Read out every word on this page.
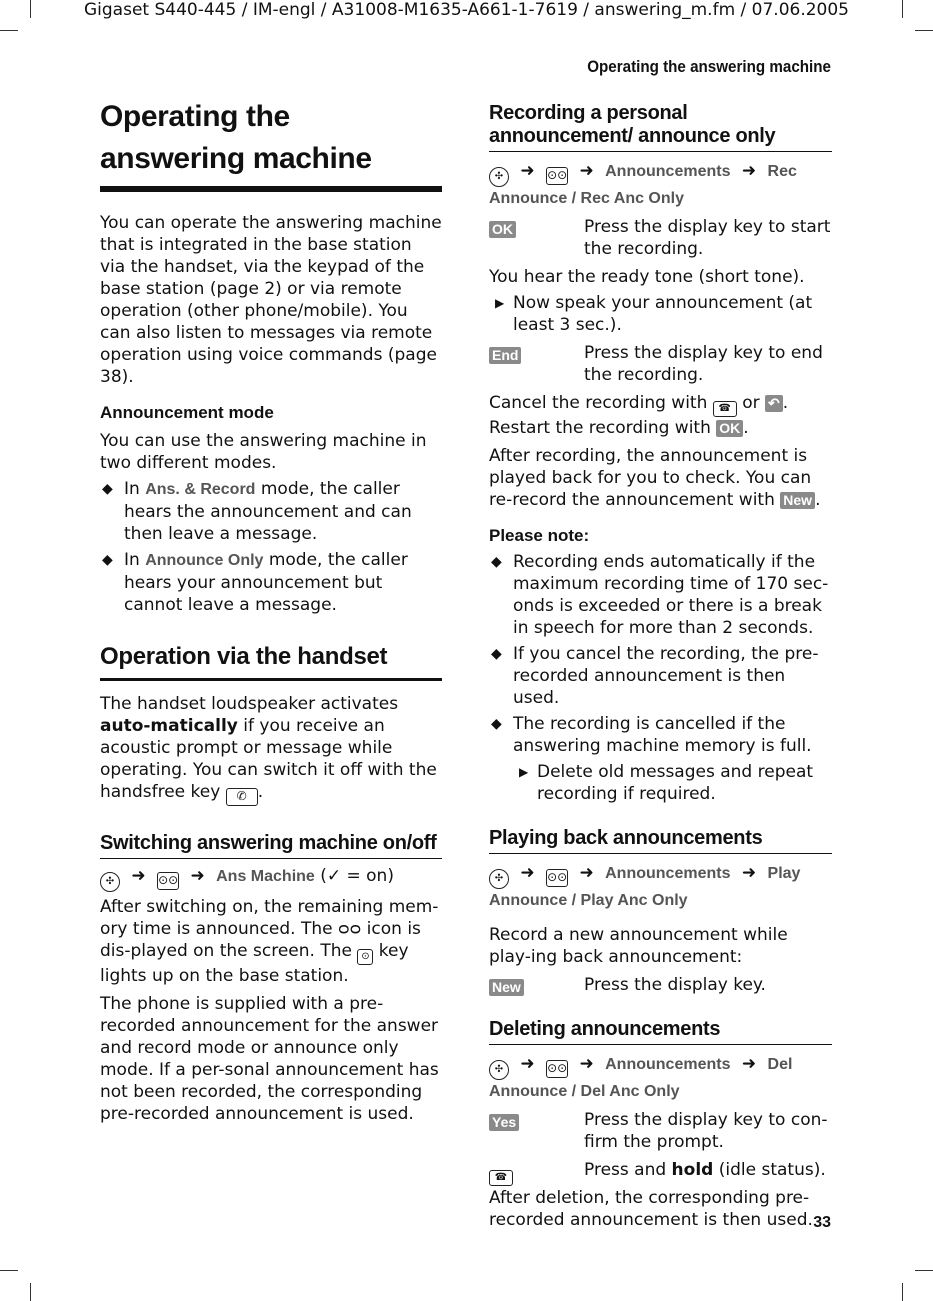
Gigaset S440-445 / IM-engl / A31008-M1635-A661-1-7619 / answering_m.fm / 07.06.2005
Operating the answering machine
33
Operating the answering machine

You can operate the answering machine that is integrated in the base station via the handset, via the keypad of the base station (page 2) or via remote operation (other phone/mobile). You can also listen to messages via remote operation using voice commands (page 38).

Announcement mode

You can use the answering machine in two different modes.

◆ In Ans. & Record mode, the caller hears the announcement and can then leave a message.

◆ In Announce Only mode, the caller hears your announcement but cannot leave a message.

Operation via the handset

The handset loudspeaker activates auto-matically if you receive an acoustic prompt or message while operating. You can switch it off with the handsfree key ✆ .

Switching answering machine on/off

✣ ➜ ⊙⊙ ➜ Ans Machine (✓ = on)

After switching on, the remaining mem-ory time is announced. The ᴑᴑ icon is dis-played on the screen. The ⊙ key lights up on the base station.

The phone is supplied with a pre-recorded announcement for the answer and record mode or announce only mode. If a per-sonal announcement has not been recorded, the corresponding pre-recorded announcement is used.

Recording a personal announcement/ announce only

✣ ➜ ⊙⊙ ➜ Announcements ➜ Rec Announce / Rec Anc Only

OK	Press the display key to start the recording.

You hear the ready tone (short tone).

▶ Now speak your announcement (at least 3 sec.).

End	Press the display key to end the recording.

Cancel the recording with ☎ or ↶ . Restart the recording with OK .

After recording, the announcement is played back for you to check. You can re-record the announcement with New .

Please note:

◆ Recording ends automatically if the maximum recording time of 170 sec-onds is exceeded or there is a break in speech for more than 2 seconds.

◆ If you cancel the recording, the pre-recorded announcement is then used.

◆ The recording is cancelled if the answering machine memory is full.

▶ Delete old messages and repeat recording if required.

Playing back announcements

✣ ➜ ⊙⊙ ➜ Announcements ➜ Play Announce / Play Anc Only

Record a new announcement while play-ing back announcement:

New	Press the display key.

Deleting announcements

✣ ➜ ⊙⊙ ➜ Announcements ➜ Del Announce / Del Anc Only

Yes	Press the display key to con-firm the prompt.

☎	Press and hold (idle status).

After deletion, the corresponding pre-recorded announcement is then used.
